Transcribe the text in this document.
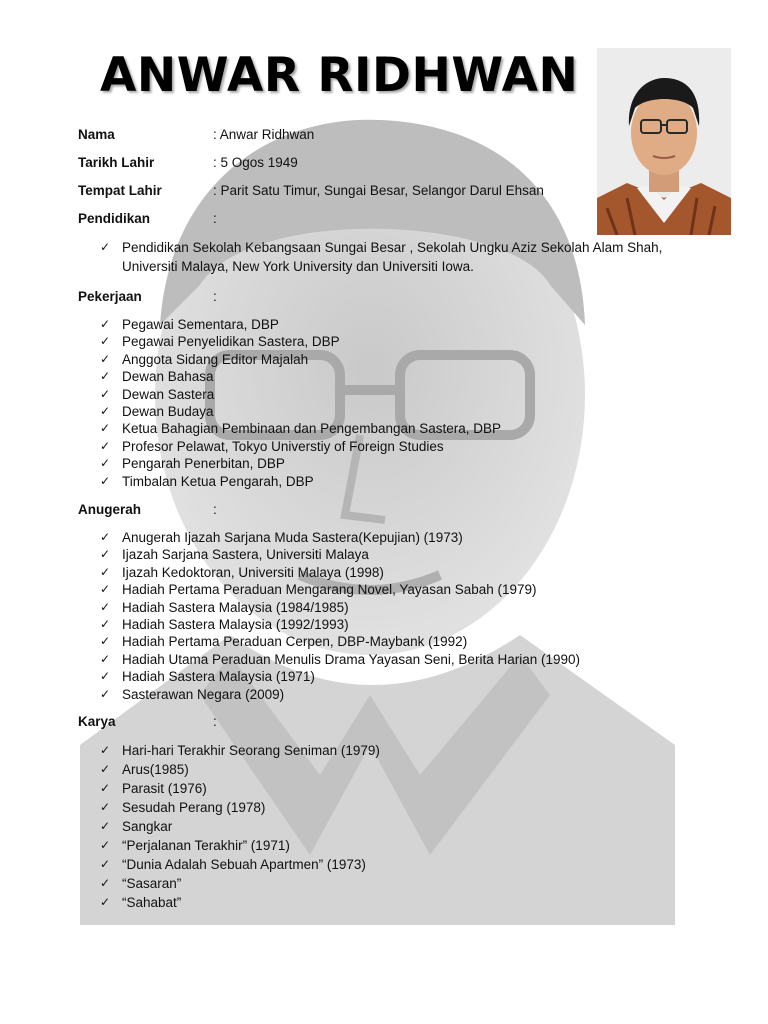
ANWAR RIDHWAN
Nama	: Anwar Ridhwan
Tarikh Lahir	: 5 Ogos 1949
Tempat Lahir	: Parit Satu Timur, Sungai Besar, Selangor Darul Ehsan
Pendidikan	:
✓ Pendidikan Sekolah Kebangsaan Sungai Besar , Sekolah Ungku Aziz Sekolah Alam Shah, Universiti Malaya, New York University dan Universiti Iowa.
Pekerjaan	:
✓ Pegawai Sementara, DBP
✓ Pegawai Penyelidikan Sastera, DBP
✓ Anggota Sidang Editor Majalah
✓ Dewan Bahasa
✓ Dewan Sastera
✓ Dewan Budaya
✓ Ketua Bahagian Pembinaan dan Pengembangan Sastera, DBP
✓ Profesor Pelawat, Tokyo Universtiy of Foreign Studies
✓ Pengarah Penerbitan, DBP
✓ Timbalan Ketua Pengarah, DBP
Anugerah	:
✓ Anugerah Ijazah Sarjana Muda Sastera(Kepujian) (1973)
✓ Ijazah Sarjana Sastera, Universiti Malaya
✓ Ijazah Kedoktoran, Universiti Malaya (1998)
✓ Hadiah Pertama Peraduan Mengarang Novel, Yayasan Sabah (1979)
✓ Hadiah Sastera Malaysia (1984/1985)
✓ Hadiah Sastera Malaysia (1992/1993)
✓ Hadiah Pertama Peraduan Cerpen, DBP-Maybank (1992)
✓ Hadiah Utama Peraduan Menulis Drama Yayasan Seni, Berita Harian (1990)
✓ Hadiah Sastera Malaysia (1971)
✓ Sasterawan Negara (2009)
Karya	:
✓ Hari-hari Terakhir Seorang Seniman (1979)
✓ Arus(1985)
✓ Parasit (1976)
✓ Sesudah Perang (1978)
✓ Sangkar
✓ “Perjalanan Terakhir” (1971)
✓ “Dunia Adalah Sebuah Apartmen” (1973)
✓ “Sasaran”
✓ “Sahabat”
